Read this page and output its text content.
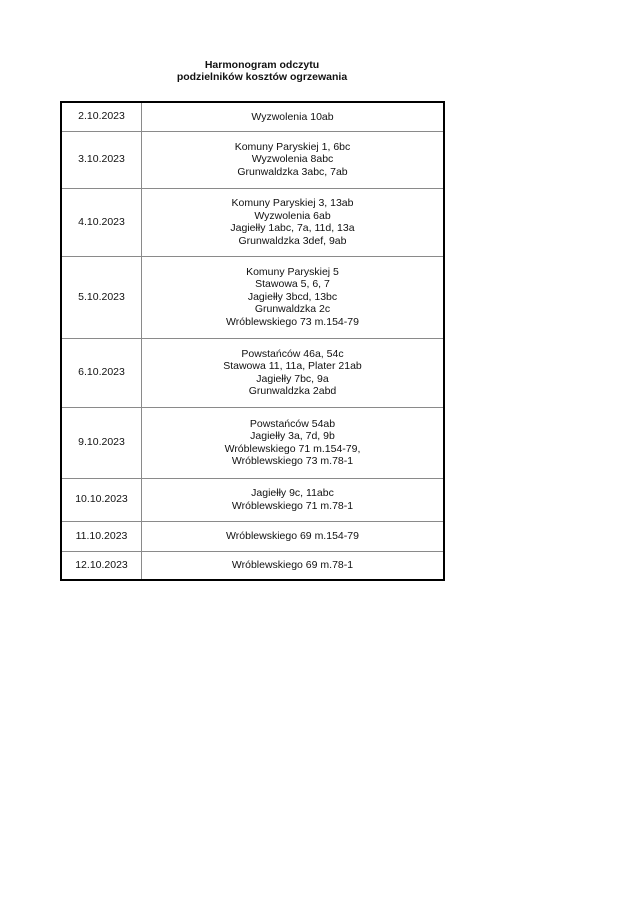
Harmonogram odczytu
podzielników kosztów ogrzewania
2.10.2023	Wyzwolenia 10ab

3.10.2023	Komuny Paryskiej 1, 6bc
Wyzwolenia 8abc
Grunwaldzka 3abc, 7ab

4.10.2023	Komuny Paryskiej 3, 13ab
Wyzwolenia 6ab
Jagiełły 1abc, 7a, 11d, 13a
Grunwaldzka 3def, 9ab

5.10.2023	Komuny Paryskiej 5
Stawowa 5, 6, 7
Jagiełły 3bcd, 13bc
Grunwaldzka 2c
Wróblewskiego 73 m.154-79

6.10.2023	Powstańców 46a, 54c
Stawowa 11, 11a, Plater 21ab
Jagiełły 7bc, 9a
Grunwaldzka 2abd

9.10.2023	Powstańców 54ab
Jagiełły 3a, 7d, 9b
Wróblewskiego 71 m.154-79,
Wróblewskiego 73 m.78-1

10.10.2023	Jagiełły 9c, 11abc
Wróblewskiego 71 m.78-1

11.10.2023	Wróblewskiego 69 m.154-79

12.10.2023	Wróblewskiego 69 m.78-1
